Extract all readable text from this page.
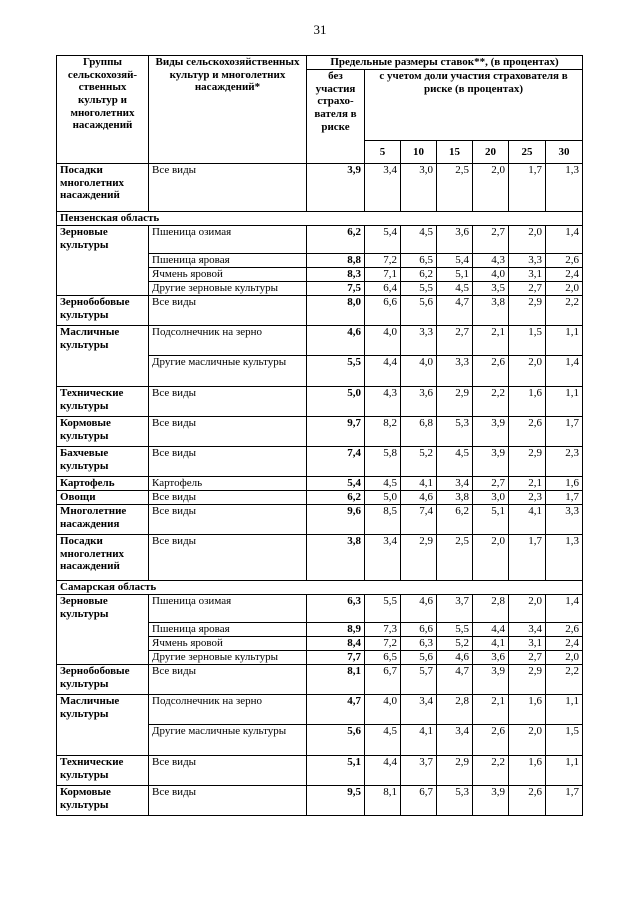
31
Группы сельскохозяй-ственных культур и многолетних насаждений	Виды сельскохозяйственных культур и многолетних насаждений*	Предельные размеры ставок**, (в процентах)						
		без участия страхо-вателя в риске	с учетом доли участия страхователя в риске (в процентах)					
			5	10	15	20	25	30
Посадки многолетних насаждений	Все виды	3,9	3,4	3,0	2,5	2,0	1,7	1,3
Пензенская область								
Зерновые культуры	Пшеница озимая	6,2	5,4	4,5	3,6	2,7	2,0	1,4
	Пшеница яровая	8,8	7,2	6,5	5,4	4,3	3,3	2,6
	Ячмень яровой	8,3	7,1	6,2	5,1	4,0	3,1	2,4
	Другие зерновые культуры	7,5	6,4	5,5	4,5	3,5	2,7	2,0
Зернобобовые культуры	Все виды	8,0	6,6	5,6	4,7	3,8	2,9	2,2
Масличные культуры	Подсолнечник на зерно	4,6	4,0	3,3	2,7	2,1	1,5	1,1
	Другие масличные культуры	5,5	4,4	4,0	3,3	2,6	2,0	1,4
Технические культуры	Все виды	5,0	4,3	3,6	2,9	2,2	1,6	1,1
Кормовые культуры	Все виды	9,7	8,2	6,8	5,3	3,9	2,6	1,7
Бахчевые культуры	Все виды	7,4	5,8	5,2	4,5	3,9	2,9	2,3
Картофель	Картофель	5,4	4,5	4,1	3,4	2,7	2,1	1,6
Овощи	Все виды	6,2	5,0	4,6	3,8	3,0	2,3	1,7
Многолетние насаждения	Все виды	9,6	8,5	7,4	6,2	5,1	4,1	3,3
Посадки многолетних насаждений	Все виды	3,8	3,4	2,9	2,5	2,0	1,7	1,3
Самарская область								
Зерновые культуры	Пшеница озимая	6,3	5,5	4,6	3,7	2,8	2,0	1,4
	Пшеница яровая	8,9	7,3	6,6	5,5	4,4	3,4	2,6
	Ячмень яровой	8,4	7,2	6,3	5,2	4,1	3,1	2,4
	Другие зерновые культуры	7,7	6,5	5,6	4,6	3,6	2,7	2,0
Зернобобовые культуры	Все виды	8,1	6,7	5,7	4,7	3,9	2,9	2,2
Масличные культуры	Подсолнечник на зерно	4,7	4,0	3,4	2,8	2,1	1,6	1,1
	Другие масличные культуры	5,6	4,5	4,1	3,4	2,6	2,0	1,5
Технические культуры	Все виды	5,1	4,4	3,7	2,9	2,2	1,6	1,1
Кормовые культуры	Все виды	9,5	8,1	6,7	5,3	3,9	2,6	1,7
